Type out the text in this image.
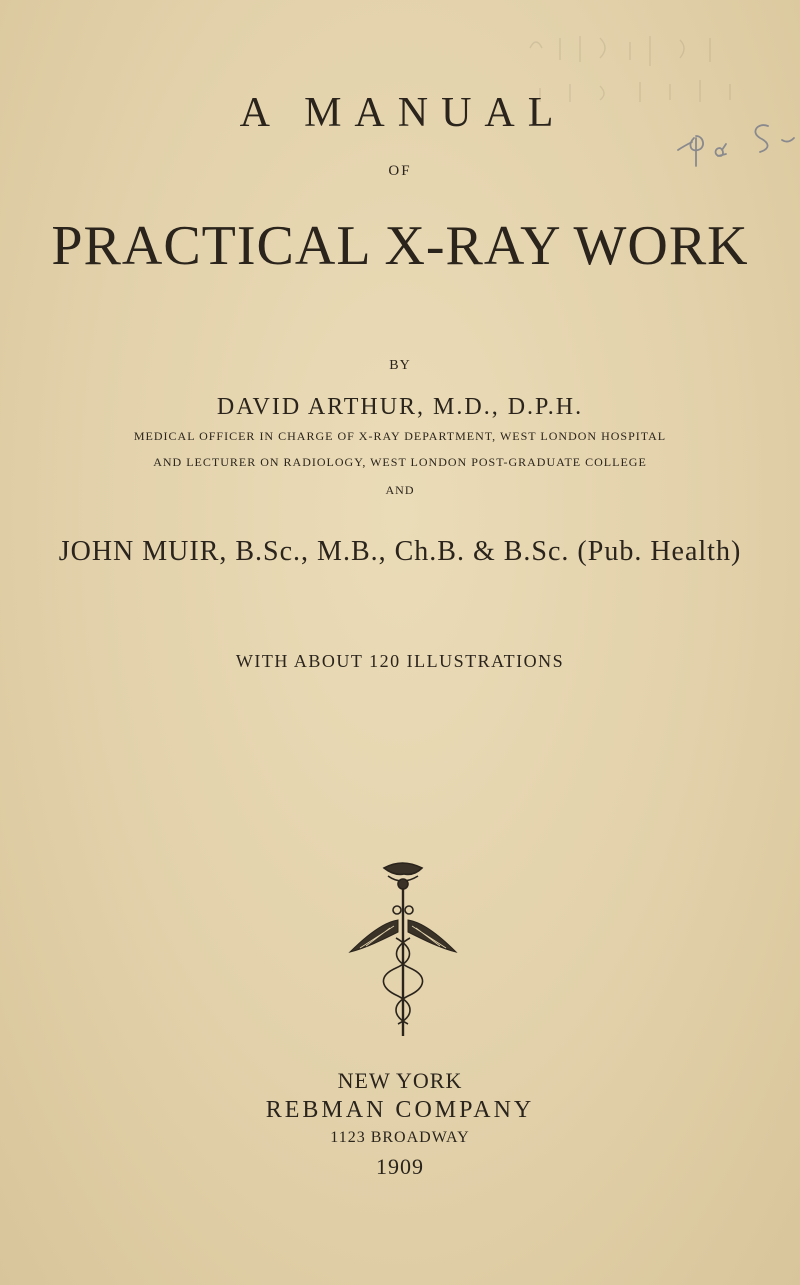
A MANUAL
OF
PRACTICAL X-RAY WORK
BY
DAVID ARTHUR, M.D., D.P.H.
MEDICAL OFFICER IN CHARGE OF X-RAY DEPARTMENT, WEST LONDON HOSPITAL
AND LECTURER ON RADIOLOGY, WEST LONDON POST-GRADUATE COLLEGE
AND
JOHN MUIR, B.Sc., M.B., Ch.B. & B.Sc. (Pub. Health)
WITH ABOUT 120 ILLUSTRATIONS
NEW YORK
REBMAN COMPANY
1123 BROADWAY
1909
